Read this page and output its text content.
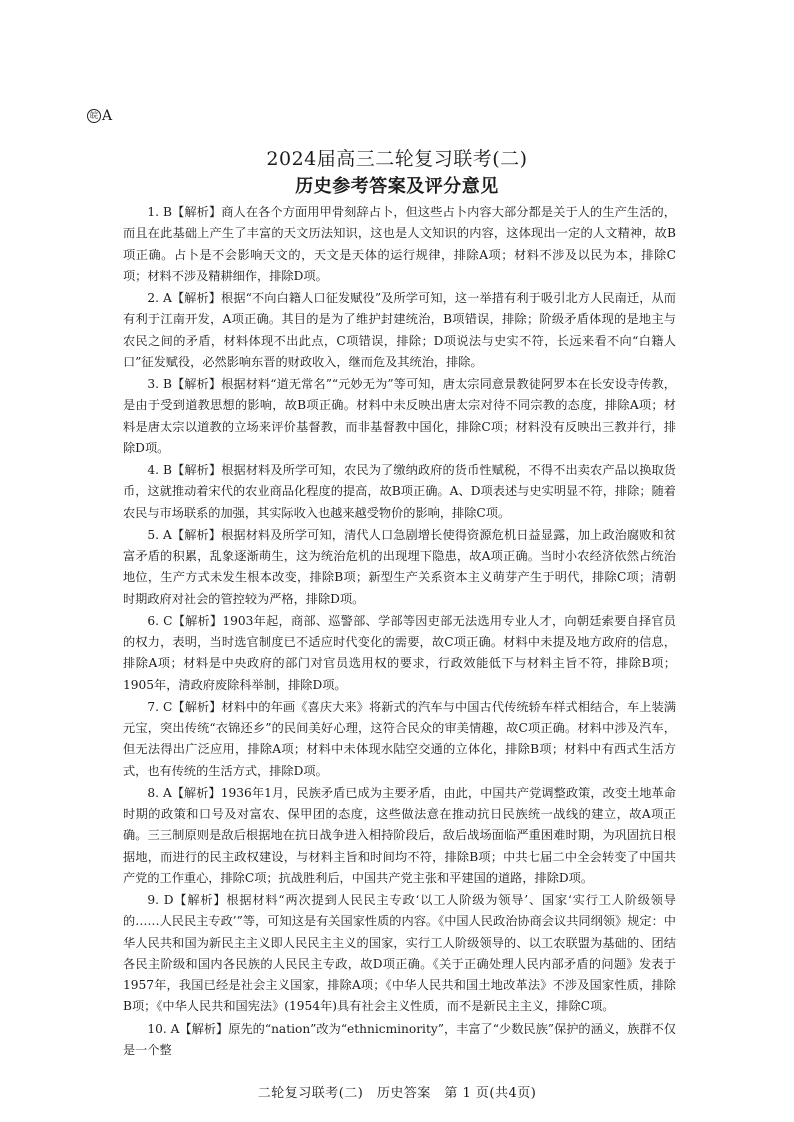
皖 A
2024届高三二轮复习联考(二)
历史参考答案及评分意见

1. B【解析】商人在各个方面用甲骨刻辞占卜，但这些占卜内容大部分都是关于人的生产生活的，而且在此基础上产生了丰富的天文历法知识，这也是人文知识的内容，这体现出一定的人文精神，故B项正确。占卜是不会影响天文的，天文是天体的运行规律，排除A项；材料不涉及以民为本，排除C项；材料不涉及精耕细作，排除D项。

2. A【解析】根据“不向白籍人口征发赋役”及所学可知，这一举措有利于吸引北方人民南迁，从而有利于江南开发，A项正确。其目的是为了维护封建统治，B项错误，排除；阶级矛盾体现的是地主与农民之间的矛盾，材料体现不出此点，C项错误，排除；D项说法与史实不符，长远来看不向“白籍人口”征发赋役，必然影响东晋的财政收入，继而危及其统治，排除。

3. B【解析】根据材料“道无常名”“元妙无为”等可知，唐太宗同意景教徒阿罗本在长安设寺传教，是由于受到道教思想的影响，故B项正确。材料中未反映出唐太宗对待不同宗教的态度，排除A项；材料是唐太宗以道教的立场来评价基督教，而非基督教中国化，排除C项；材料没有反映出三教并行，排除D项。

4. B【解析】根据材料及所学可知，农民为了缴纳政府的货币性赋税，不得不出卖农产品以换取货币，这就推动着宋代的农业商品化程度的提高，故B项正确。A、D项表述与史实明显不符，排除；随着农民与市场联系的加强，其实际收入也越来越受物价的影响，排除C项。

5. A【解析】根据材料及所学可知，清代人口急剧增长使得资源危机日益显露，加上政治腐败和贫富矛盾的积累，乱象逐渐萌生，这为统治危机的出现埋下隐患，故A项正确。当时小农经济依然占统治地位，生产方式未发生根本改变，排除B项；新型生产关系资本主义萌芽产生于明代，排除C项；清朝时期政府对社会的管控较为严格，排除D项。

6. C【解析】1903年起，商部、巡警部、学部等因吏部无法选用专业人才，向朝廷索要自择官员的权力，表明，当时选官制度已不适应时代变化的需要，故C项正确。材料中未提及地方政府的信息，排除A项；材料是中央政府的部门对官员选用权的要求，行政效能低下与材料主旨不符，排除B项；1905年，清政府废除科举制，排除D项。

7. C【解析】材料中的年画《喜庆大来》将新式的汽车与中国古代传统轿车样式相结合，车上装满元宝，突出传统“衣锦还乡”的民间美好心理，这符合民众的审美情趣，故C项正确。材料中涉及汽车，但无法得出广泛应用，排除A项；材料中未体现水陆空交通的立体化，排除B项；材料中有西式生活方式，也有传统的生活方式，排除D项。

8. A【解析】1936年1月，民族矛盾已成为主要矛盾，由此，中国共产党调整政策，改变土地革命时期的政策和口号及对富农、保甲团的态度，这些做法意在推动抗日民族统一战线的建立，故A项正确。三三制原则是敌后根据地在抗日战争进入相持阶段后，敌后战场面临严重困难时期，为巩固抗日根据地，而进行的民主政权建设，与材料主旨和时间均不符，排除B项；中共七届二中全会转变了中国共产党的工作重心，排除C项；抗战胜利后，中国共产党主张和平建国的道路，排除D项。

9. D【解析】根据材料“两次提到人民民主专政‘以工人阶级为领导’、国家‘实行工人阶级领导的……人民民主专政’”等，可知这是有关国家性质的内容。《中国人民政治协商会议共同纲领》规定：中华人民共和国为新民主主义即人民民主主义的国家，实行工人阶级领导的、以工农联盟为基础的、团结各民主阶级和国内各民族的人民民主专政，故D项正确。《关于正确处理人民内部矛盾的问题》发表于1957年，我国已经是社会主义国家，排除A项；《中华人民共和国土地改革法》不涉及国家性质，排除B项；《中华人民共和国宪法》(1954年)具有社会主义性质，而不是新民主主义，排除C项。

10. A【解析】原先的“nation”改为“ethnicminority”，丰富了“少数民族”保护的涵义，族群不仅是一个整

二轮复习联考(二)　历史答案　第 1 页(共4页)
